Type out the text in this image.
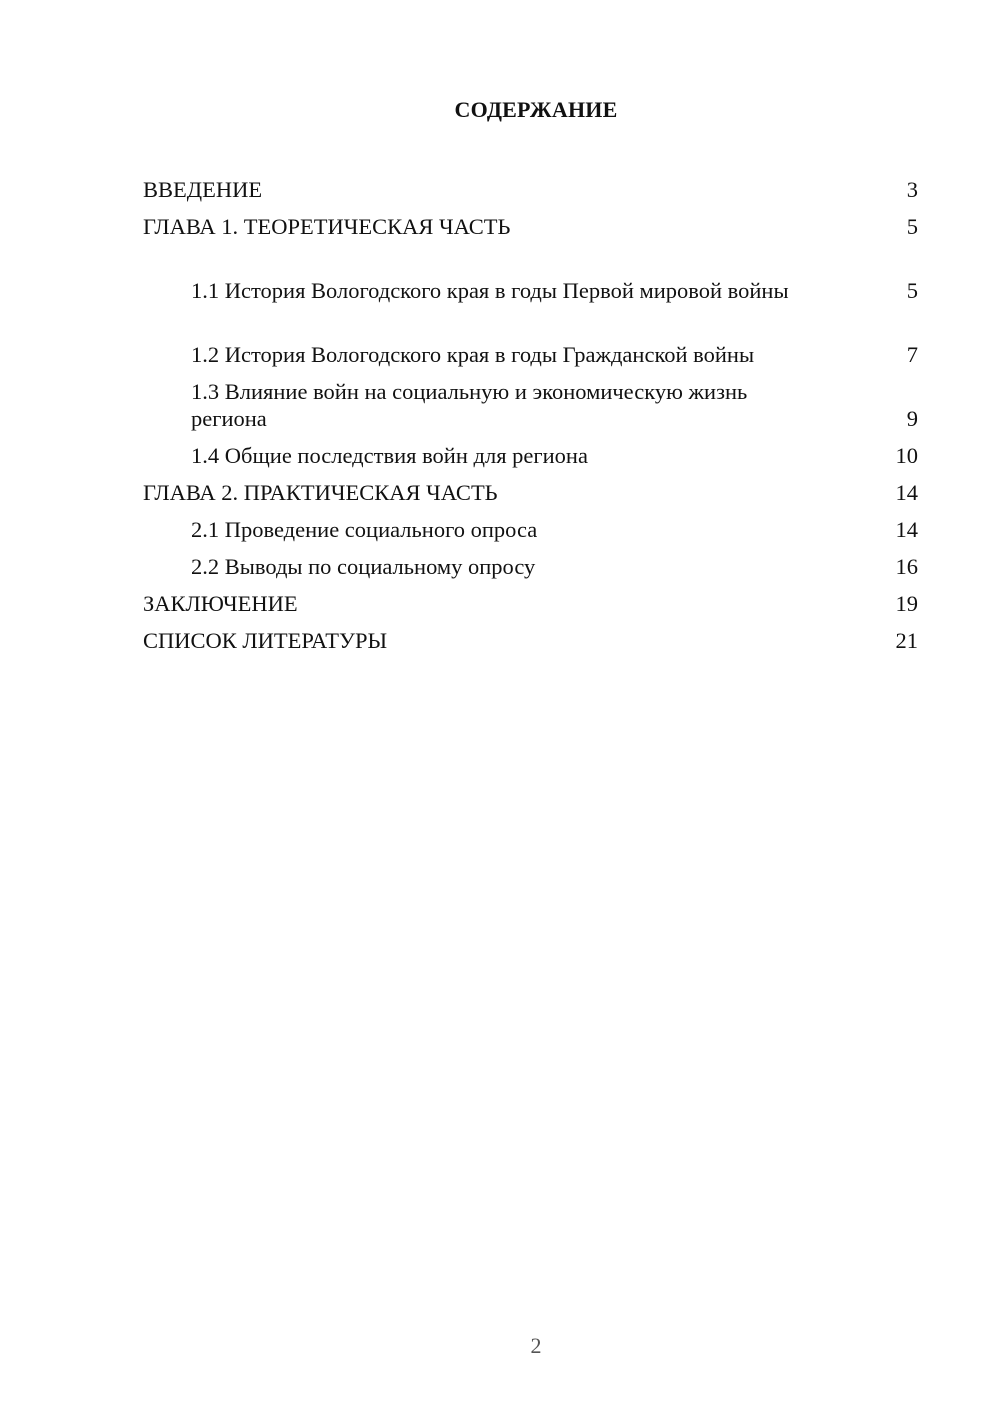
СОДЕРЖАНИЕ
ВВЕДЕНИЕ	3
ГЛАВА 1. ТЕОРЕТИЧЕСКАЯ ЧАСТЬ	5
1.1 История Вологодского края в годы Первой мировой войны	5
1.2 История Вологодского края в годы Гражданской войны	7
1.3 Влияние войн на социальную и экономическую жизнь региона	9
1.4 Общие последствия войн для региона	10
ГЛАВА 2. ПРАКТИЧЕСКАЯ ЧАСТЬ	14
2.1 Проведение социального опроса	14
2.2 Выводы по социальному опросу	16
ЗАКЛЮЧЕНИЕ	19
СПИСОК ЛИТЕРАТУРЫ	21
2
